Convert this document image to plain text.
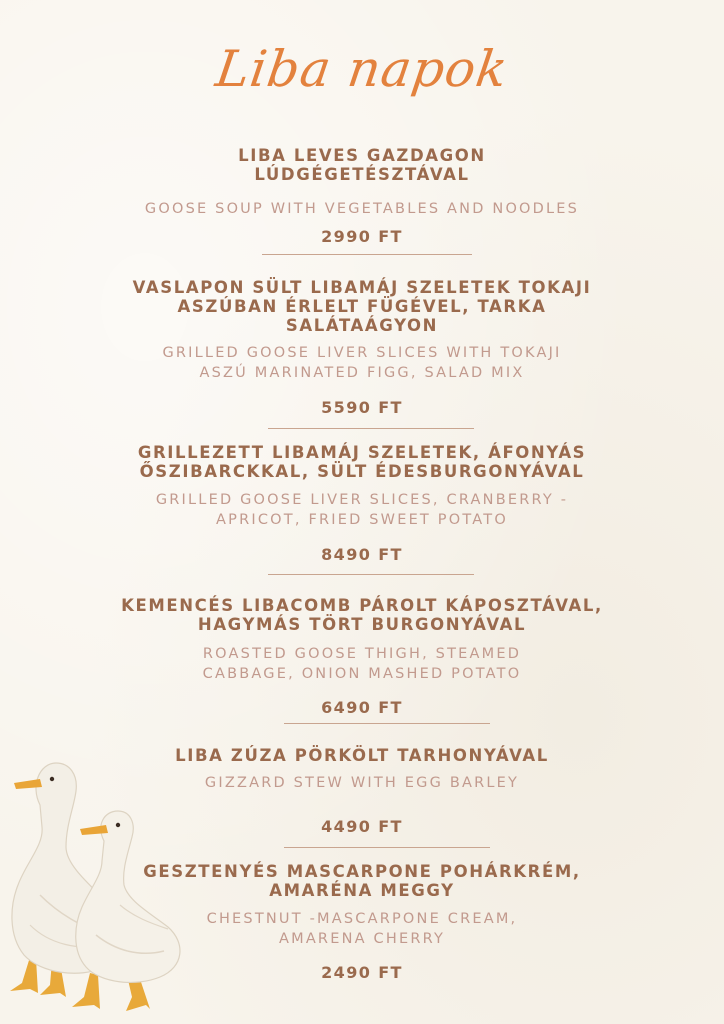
Liba napok

LIBA LEVES GAZDAGON

LÚDGÉGETÉSZTÁVAL

GOOSE SOUP WITH VEGETABLES AND NOODLES

2990 FT

VASLAPON SÜLT LIBAMÁJ SZELETEK TOKAJI

ASZÚBAN ÉRLELT FÜGÉVEL, TARKA

SALÁTAÁGYON

GRILLED GOOSE LIVER SLICES WITH TOKAJI

ASZÚ MARINATED FIGG, SALAD MIX

5590 FT

GRILLEZETT LIBAMÁJ SZELETEK, ÁFONYÁS

ŐSZIBARCKKAL, SÜLT ÉDESBURGONYÁVAL

GRILLED GOOSE LIVER SLICES, CRANBERRY -

APRICOT, FRIED SWEET POTATO

8490 FT

KEMENCÉS LIBACOMB PÁROLT KÁPOSZTÁVAL,

HAGYMÁS TÖRT BURGONYÁVAL

ROASTED GOOSE THIGH, STEAMED

CABBAGE, ONION MASHED POTATO

6490 FT

LIBA ZÚZA PÖRKÖLT TARHONYÁVAL

GIZZARD STEW WITH EGG BARLEY

4490 FT

GESZTENYÉS MASCARPONE POHÁRKRÉM,

AMARÉNA MEGGY

CHESTNUT -MASCARPONE CREAM,

AMARENA CHERRY

2490 FT
